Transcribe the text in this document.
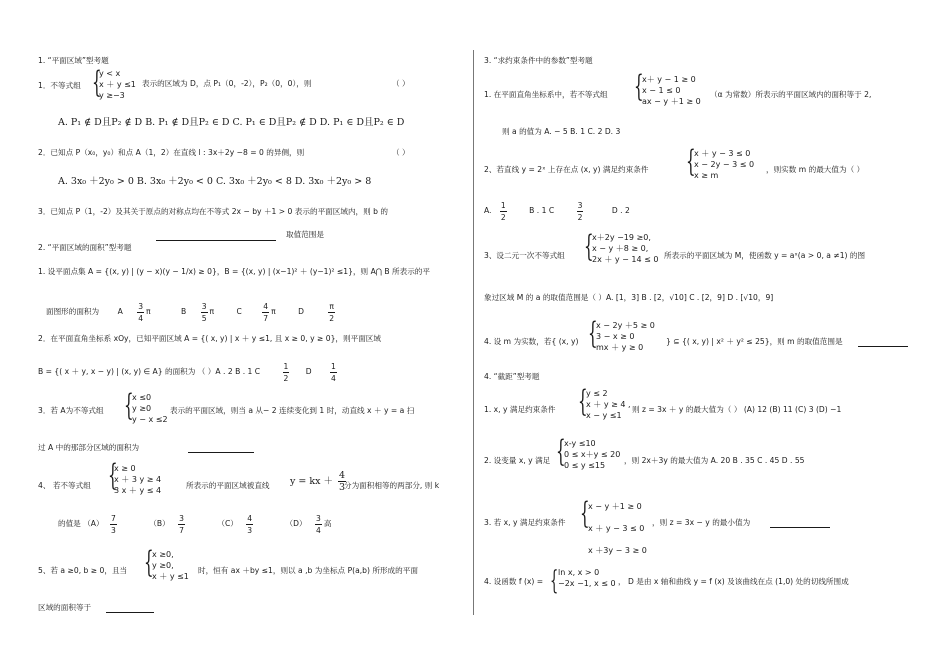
1. “平面区域”型考题
1．不等式组 {
y < x
x ＋ y ≤1
y ≥−3
表示的区域为 D，点 P₁（0，-2），P₂（0，0），则	（ ）
A. P₁ ∉ D且P₂ ∉ D B. P₁ ∉ D且P₂ ∈ D C. P₁ ∈ D且P₂ ∉ D D. P₁ ∈ D且P₂ ∈ D
2．已知点 P（x₀，y₀）和点 A（1，2）在直线 l : 3x＋2y −8 = 0 的异侧，则	（ ）
A. 3x₀ ＋2y₀ > 0 B. 3x₀ ＋2y₀ < 0 C. 3x₀ ＋2y₀ < 8 D. 3x₀ ＋2y₀ > 8
3．已知点 P（1，-2）及其关于原点的对称点均在不等式 2x − by ＋1 > 0 表示的平面区域内，则 b 的
取值范围是
2. “平面区域的面积”型考题
1. 设平面点集 A = {(x, y) | (y − x)(y − 1/x) ≥ 0}，B = {(x, y) | (x−1)² ＋ (y−1)² ≤1}，则 A⋂ B 所表示的平
面图形的面积为 A $\frac{3}{4}$ π	B $\frac{3}{5}$ π	C	$\frac{4}{7}$ π	D	$\frac{\pi}{2}$
2．在平面直角坐标系 xOy，已知平面区域 A = {( x, y) | x ＋ y ≤1, 且 x ≥ 0, y ≥ 0}，则平面区域
B = {( x ＋ y, x − y) | (x, y) ∈ A} 的面积为 （ ）A . 2 B . 1 C	$\frac{1}{2}$ D $\frac{1}{4}$
3．若 A为不等式组 {
x ≤0
y ≥0
y − x ≤2
表示的平面区域，则当 a 从− 2 连续变化到 1 时，动直线 x ＋ y = a 扫
过 A 中的那部分区域的面积为
4、 若不等式组 {
x ≥ 0
x ＋ 3 y ≥ 4
3 x ＋ y ≤ 4
所表示的平面区域被直线 y = kx ＋ $\frac{4}{3}$
分为面积相等的两部分, 则 k
的值是 $(A) \frac{7}{3}$	$(B) \frac{3}{7}$	$(C) \frac{4}{3}$	$(D) \frac{3}{4}$ 高
5、若 a ≥0, b ≥ 0，且当 {
x ≥0,
y ≥0,
x ＋ y ≤1
时，恒有 ax ＋by ≤1，则以 a ,b 为坐标点 P(a,b) 所形成的平面
区域的面积等于
3. “求约束条件中的参数”型考题
1. 在平面直角坐标系中，若不等式组 {
x＋ y − 1 ≥ 0
x − 1 ≤ 0
ax − y ＋1 ≥ 0
（α 为常数）所表示的平面区域内的面积等于 2,
则 a 的值为 A. − 5 B. 1 C. 2 D. 3
2、若直线 y = 2ˣ 上存在点 (x, y) 满足约束条件 {
x ＋ y − 3 ≤ 0
x − 2y − 3 ≤ 0
x ≥ m
，则实数 m 的最大值为（ ）
A. $\frac{1}{2}$	B . 1 C	$\frac{3}{2}$	D . 2
3、设二元一次不等式组 {
x＋2y −19 ≥0,
x − y ＋8 ≥ 0,
2x ＋ y − 14 ≤ 0 所表示的平面区域为 M，使函数 y = aˣ(a > 0, a ≠1) 的图
象过区域 M 的 a 的取值范围是（ ）A. [1，3] B . [2，√10] C . [2，9] D . [√10，9]
4. 设 m 为实数，若{ (x, y) {
x − 2y ＋5 ≥ 0
3 − x ≥ 0
mx ＋ y ≥ 0
} ⊆ {( x, y) | x² ＋ y² ≤ 25}，则 m 的取值范围是
4. “截距”型考题
1. x, y 满足约束条件 {
y ≤ 2
x ＋ y ≥ 4 ,
x − y ≤1
则 z = 3x ＋ y 的最大值为（ ） (A) 12 (B) 11 (C) 3 (D) −1
2. 设变量 x, y 满足 {
x-y ≤10
0 ≤ x＋y ≤ 20
0 ≤ y ≤15
，则 2x＋3y 的最大值为 A. 20 B . 35 C . 45 D . 55
3. 若 x, y 满足约束条件 {
x − y ＋1 ≥ 0
x ＋ y − 3 ≤ 0
x ＋3y − 3 ≥ 0
，则 z = 3x − y 的最小值为
4. 设函数 f (x) = { ln x, x > 0
−2x −1, x ≤ 0 ， D 是由 x 轴和曲线 y = f (x) 及该曲线在点 (1,0) 处的切线所围成
